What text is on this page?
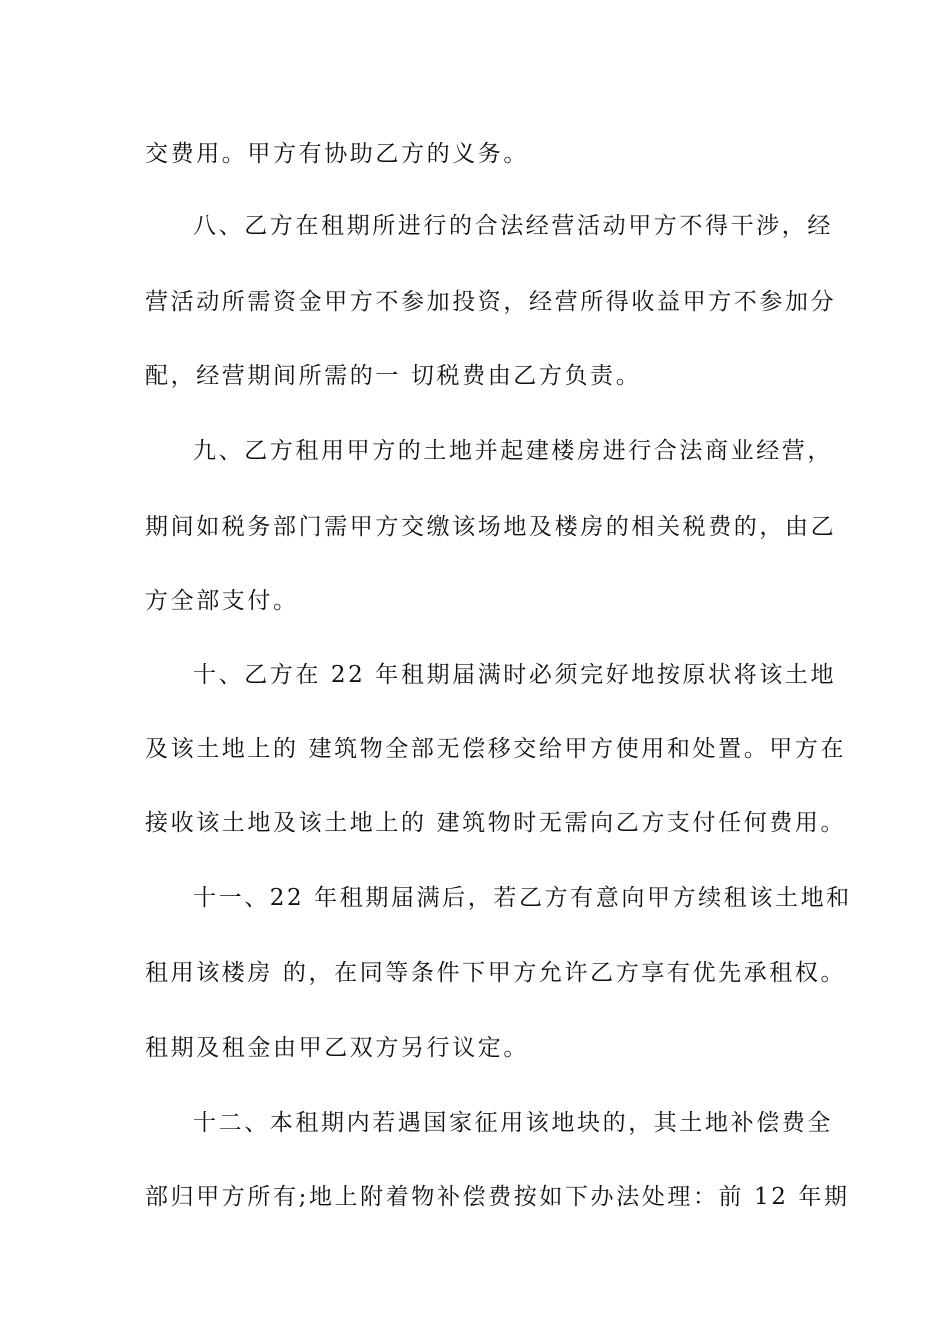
交费用。甲方有协助乙方的义务。
八、乙方在租期所进行的合法经营活动甲方不得干涉，经
营活动所需资金甲方不参加投资，经营所得收益甲方不参加分
配，经营期间所需的一 切税费由乙方负责。
九、乙方租用甲方的土地并起建楼房进行合法商业经营，
期间如税务部门需甲方交缴该场地及楼房的相关税费的，由乙
方全部支付。
十、乙方在 22 年租期届满时必须完好地按原状将该土地
及该土地上的 建筑物全部无偿移交给甲方使用和处置。甲方在
接收该土地及该土地上的 建筑物时无需向乙方支付任何费用。
十一、22 年租期届满后，若乙方有意向甲方续租该土地和
租用该楼房 的，在同等条件下甲方允许乙方享有优先承租权。
租期及租金由甲乙双方另行议定。
十二、本租期内若遇国家征用该地块的，其土地补偿费全
部归甲方所有;地上附着物补偿费按如下办法处理：前 12 年期
